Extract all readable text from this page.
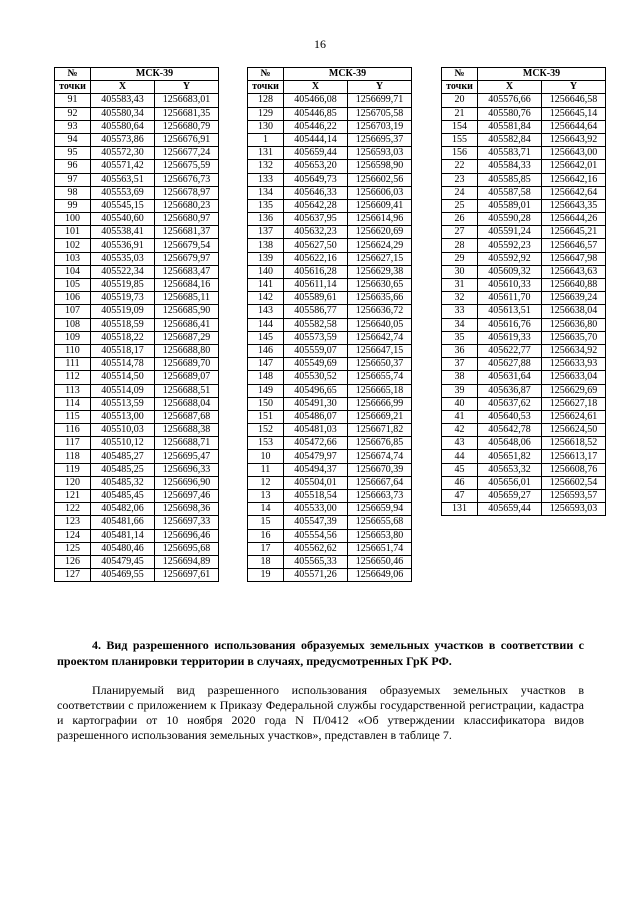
16
№	МСК-39	
точки	X	Y
91	405583,43	1256683,01
92	405580,34	1256681,35
93	405580,64	1256680,79
94	405573,86	1256676,91
95	405572,30	1256677,24
96	405571,42	1256675,59
97	405563,51	1256676,73
98	405553,69	1256678,97
99	405545,15	1256680,23
100	405540,60	1256680,97
101	405538,41	1256681,37
102	405536,91	1256679,54
103	405535,03	1256679,97
104	405522,34	1256683,47
105	405519,85	1256684,16
106	405519,73	1256685,11
107	405519,09	1256685,90
108	405518,59	1256686,41
109	405518,22	1256687,29
110	405518,17	1256688,80
111	405514,78	1256689,70
112	405514,50	1256689,07
113	405514,09	1256688,51
114	405513,59	1256688,04
115	405513,00	1256687,68
116	405510,03	1256688,38
117	405510,12	1256688,71
118	405485,27	1256695,47
119	405485,25	1256696,33
120	405485,32	1256696,90
121	405485,45	1256697,46
122	405482,06	1256698,36
123	405481,66	1256697,33
124	405481,14	1256696,46
125	405480,46	1256695,68
126	405479,45	1256694,89
127	405469,55	1256697,61
№	МСК-39	
точки	X	Y
128	405466,08	1256699,71
129	405446,85	1256705,58
130	405446,22	1256703,19
1	405444,14	1256695,37
131	405659,44	1256593,03
132	405653,20	1256598,90
133	405649,73	1256602,56
134	405646,33	1256606,03
135	405642,28	1256609,41
136	405637,95	1256614,96
137	405632,23	1256620,69
138	405627,50	1256624,29
139	405622,16	1256627,15
140	405616,28	1256629,38
141	405611,14	1256630,65
142	405589,61	1256635,66
143	405586,77	1256636,72
144	405582,58	1256640,05
145	405573,59	1256642,74
146	405559,07	1256647,15
147	405549,69	1256650,37
148	405530,52	1256655,74
149	405496,65	1256665,18
150	405491,30	1256666,99
151	405486,07	1256669,21
152	405481,03	1256671,82
153	405472,66	1256676,85
10	405479,97	1256674,74
11	405494,37	1256670,39
12	405504,01	1256667,64
13	405518,54	1256663,73
14	405533,00	1256659,94
15	405547,39	1256655,68
16	405554,56	1256653,80
17	405562,62	1256651,74
18	405565,33	1256650,46
19	405571,26	1256649,06
№	МСК-39	
точки	X	Y
20	405576,66	1256646,58
21	405580,76	1256645,14
154	405581,84	1256644,64
155	405582,84	1256643,92
156	405583,71	1256643,00
22	405584,33	1256642,01
23	405585,85	1256642,16
24	405587,58	1256642,64
25	405589,01	1256643,35
26	405590,28	1256644,26
27	405591,24	1256645,21
28	405592,23	1256646,57
29	405592,92	1256647,98
30	405609,32	1256643,63
31	405610,33	1256640,88
32	405611,70	1256639,24
33	405613,51	1256638,04
34	405616,76	1256636,80
35	405619,33	1256635,70
36	405622,77	1256634,92
37	405627,88	1256633,93
38	405631,64	1256633,04
39	405636,87	1256629,69
40	405637,62	1256627,18
41	405640,53	1256624,61
42	405642,78	1256624,50
43	405648,06	1256618,52
44	405651,82	1256613,17
45	405653,32	1256608,76
46	405656,01	1256602,54
47	405659,27	1256593,57
131	405659,44	1256593,03

4. Вид разрешенного использования образуемых земельных участков в соответствии с проектом планировки территории в случаях, предусмотренных ГрК РФ.

Планируемый вид разрешенного использования образуемых земельных участков в соответствии с приложением к Приказу Федеральной службы государственной регистрации, кадастра и картографии от 10 ноября 2020 года N П/0412 «Об утверждении классификатора видов разрешенного использования земельных участков», представлен в таблице 7.
